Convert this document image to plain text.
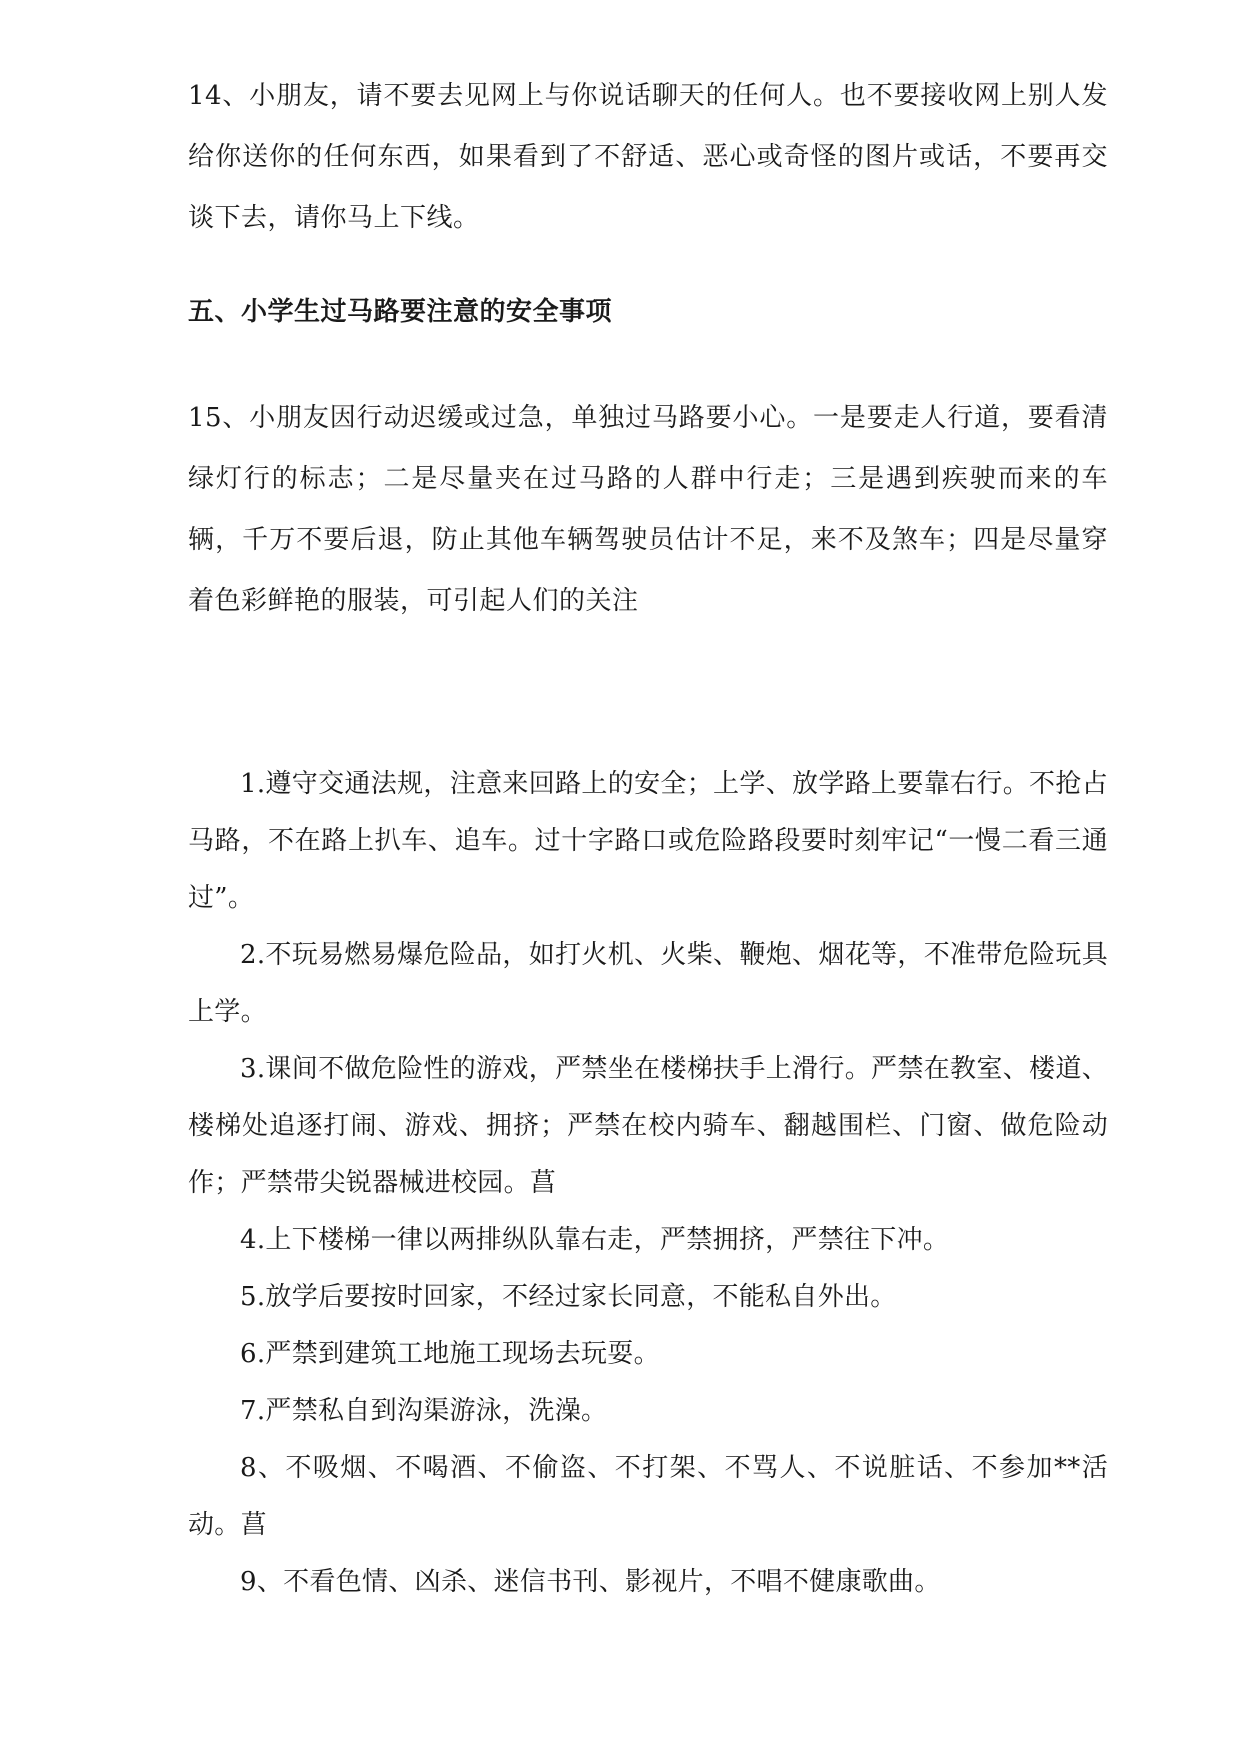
14、小朋友，请不要去见网上与你说话聊天的任何人。也不要接收网上别人发给你送你的任何东西，如果看到了不舒适、恶心或奇怪的图片或话，不要再交谈下去，请你马上下线。

五、小学生过马路要注意的安全事项

15、小朋友因行动迟缓或过急，单独过马路要小心。一是要走人行道，要看清绿灯行的标志；二是尽量夹在过马路的人群中行走；三是遇到疾驶而来的车辆，千万不要后退，防止其他车辆驾驶员估计不足，来不及煞车；四是尽量穿着色彩鲜艳的服装，可引起人们的关注

1.遵守交通法规，注意来回路上的安全；上学、放学路上要靠右行。不抢占马路，不在路上扒车、追车。过十字路口或危险路段要时刻牢记“一慢二看三通过”。

2.不玩易燃易爆危险品，如打火机、火柴、鞭炮、烟花等，不准带危险玩具上学。

3.课间不做危险性的游戏，严禁坐在楼梯扶手上滑行。严禁在教室、楼道、楼梯处追逐打闹、游戏、拥挤；严禁在校内骑车、翻越围栏、门窗、做危险动作；严禁带尖锐器械进校园。菖

4.上下楼梯一律以两排纵队靠右走，严禁拥挤，严禁往下冲。

5.放学后要按时回家，不经过家长同意，不能私自外出。

6.严禁到建筑工地施工现场去玩耍。

7.严禁私自到沟渠游泳，洗澡。

8、不吸烟、不喝酒、不偷盗、不打架、不骂人、不说脏话、不参加**活动。菖

9、不看色情、凶杀、迷信书刊、影视片，不唱不健康歌曲。
